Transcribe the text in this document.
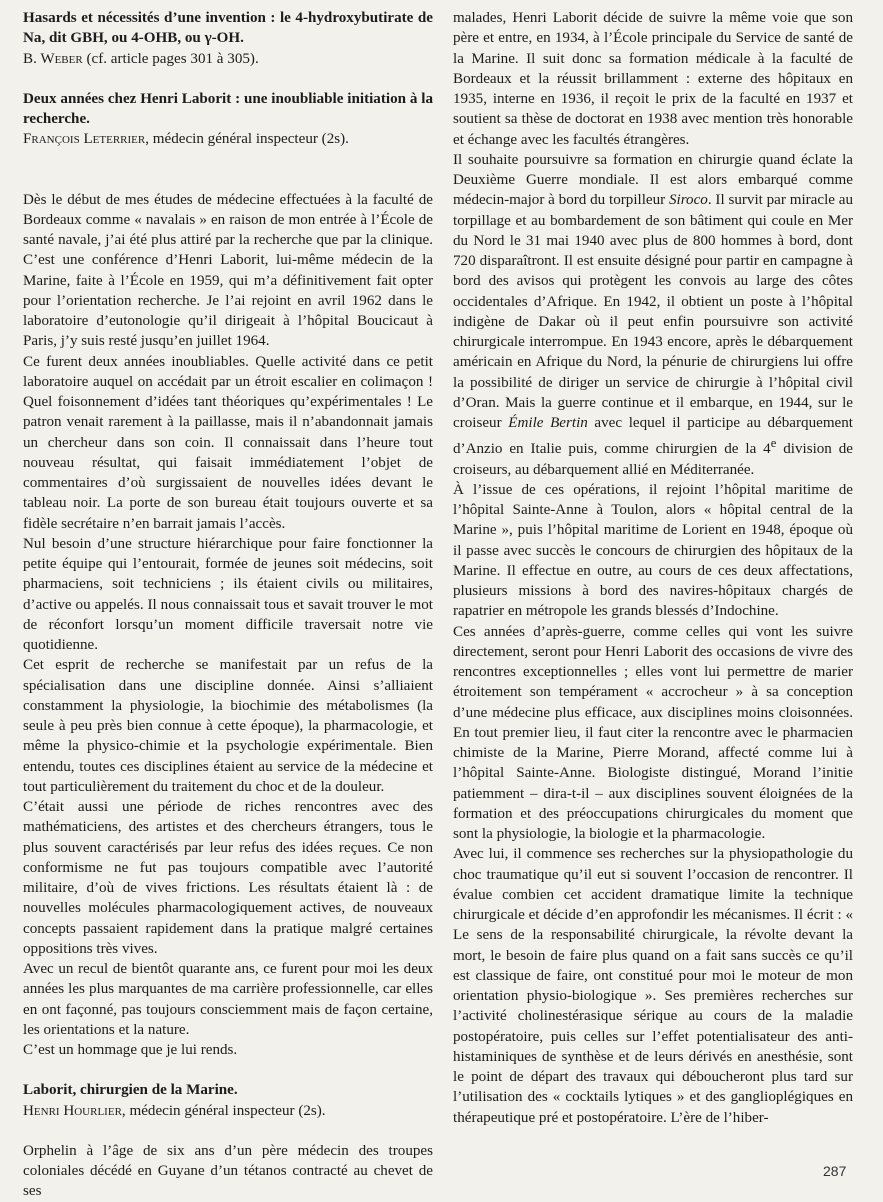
Hasards et nécessités d’une invention : le 4-hydroxybutirate de Na, dit GBH, ou 4-OHB, ou γ-OH.

B. Weber (cf. article pages 301 à 305).

Deux années chez Henri Laborit : une inoubliable initiation à la recherche.

François Leterrier, médecin général inspecteur (2s).

Dès le début de mes études de médecine effectuées à la faculté de Bordeaux comme « navalais » en raison de mon entrée à l’École de santé navale, j’ai été plus attiré par la recherche que par la clinique. C’est une conférence d’Henri Laborit, lui-même médecin de la Marine, faite à l’École en 1959, qui m’a définitivement fait opter pour l’orientation recherche. Je l’ai rejoint en avril 1962 dans le laboratoire d’eutonologie qu’il dirigeait à l’hôpital Boucicaut à Paris, j’y suis resté jusqu’en juillet 1964.

Ce furent deux années inoubliables. Quelle activité dans ce petit laboratoire auquel on accédait par un étroit escalier en colimaçon ! Quel foisonnement d’idées tant théoriques qu’expérimentales ! Le patron venait rarement à la paillasse, mais il n’abandonnait jamais un chercheur dans son coin. Il connaissait dans l’heure tout nouveau résultat, qui faisait immédiatement l’objet de commentaires d’où surgissaient de nouvelles idées devant le tableau noir. La porte de son bureau était toujours ouverte et sa fidèle secrétaire n’en barrait jamais l’accès.

Nul besoin d’une structure hiérarchique pour faire fonctionner la petite équipe qui l’entourait, formée de jeunes soit médecins, soit pharmaciens, soit techniciens ; ils étaient civils ou militaires, d’active ou appelés. Il nous connaissait tous et savait trouver le mot de réconfort lorsqu’un moment difficile traversait notre vie quotidienne.

Cet esprit de recherche se manifestait par un refus de la spécialisation dans une discipline donnée. Ainsi s’alliaient constamment la physiologie, la biochimie des métabolismes (la seule à peu près bien connue à cette époque), la pharmacologie, et même la physico-chimie et la psychologie expérimentale. Bien entendu, toutes ces disciplines étaient au service de la médecine et tout particulièrement du traitement du choc et de la douleur.

C’était aussi une période de riches rencontres avec des mathématiciens, des artistes et des chercheurs étrangers, tous le plus souvent caractérisés par leur refus des idées reçues. Ce non conformisme ne fut pas toujours compatible avec l’autorité militaire, d’où de vives frictions. Les résultats étaient là : de nouvelles molécules pharmacologiquement actives, de nouveaux concepts passaient rapidement dans la pratique malgré certaines oppositions très vives.

Avec un recul de bientôt quarante ans, ce furent pour moi les deux années les plus marquantes de ma carrière professionnelle, car elles en ont façonné, pas toujours consciemment mais de façon certaine, les orientations et la nature.

C’est un hommage que je lui rends.

Laborit, chirurgien de la Marine.

Henri Hourlier, médecin général inspecteur (2s).

Orphelin à l’âge de six ans d’un père médecin des troupes coloniales décédé en Guyane d’un tétanos contracté au chevet de ses

malades, Henri Laborit décide de suivre la même voie que son père et entre, en 1934, à l’École principale du Service de santé de la Marine. Il suit donc sa formation médicale à la faculté de Bordeaux et la réussit brillamment : externe des hôpitaux en 1935, interne en 1936, il reçoit le prix de la faculté en 1937 et soutient sa thèse de doctorat en 1938 avec mention très honorable et échange avec les facultés étrangères.

Il souhaite poursuivre sa formation en chirurgie quand éclate la Deuxième Guerre mondiale. Il est alors embarqué comme médecin-major à bord du torpilleur Siroco. Il survit par miracle au torpillage et au bombardement de son bâtiment qui coule en Mer du Nord le 31 mai 1940 avec plus de 800 hommes à bord, dont 720 disparaîtront. Il est ensuite désigné pour partir en campagne à bord des avisos qui protègent les convois au large des côtes occidentales d’Afrique. En 1942, il obtient un poste à l’hôpital indigène de Dakar où il peut enfin poursuivre son activité chirurgicale interrompue. En 1943 encore, après le débarquement américain en Afrique du Nord, la pénurie de chirurgiens lui offre la possibilité de diriger un service de chirurgie à l’hôpital civil d’Oran. Mais la guerre continue et il embarque, en 1944, sur le croiseur Émile Bertin avec lequel il participe au débarquement d’Anzio en Italie puis, comme chirurgien de la 4e division de croiseurs, au débarquement allié en Méditerranée.

À l’issue de ces opérations, il rejoint l’hôpital maritime de l’hôpital Sainte-Anne à Toulon, alors « hôpital central de la Marine », puis l’hôpital maritime de Lorient en 1948, époque où il passe avec succès le concours de chirurgien des hôpitaux de la Marine. Il effectue en outre, au cours de ces deux affectations, plusieurs missions à bord des navires-hôpitaux chargés de rapatrier en métropole les grands blessés d’Indochine.

Ces années d’après-guerre, comme celles qui vont les suivre directement, seront pour Henri Laborit des occasions de vivre des rencontres exceptionnelles ; elles vont lui permettre de marier étroitement son tempérament « accrocheur » à sa conception d’une médecine plus efficace, aux disciplines moins cloisonnées. En tout premier lieu, il faut citer la rencontre avec le pharmacien chimiste de la Marine, Pierre Morand, affecté comme lui à l’hôpital Sainte-Anne. Biologiste distingué, Morand l’initie patiemment – dira-t-il – aux disciplines souvent éloignées de la formation et des préoccupations chirurgicales du moment que sont la physiologie, la biologie et la pharmacologie.

Avec lui, il commence ses recherches sur la physiopathologie du choc traumatique qu’il eut si souvent l’occasion de rencontrer. Il évalue combien cet accident dramatique limite la technique chirurgicale et décide d’en approfondir les mécanismes. Il écrit : « Le sens de la responsabilité chirurgicale, la révolte devant la mort, le besoin de faire plus quand on a fait sans succès ce qu’il est classique de faire, ont constitué pour moi le moteur de mon orientation physio-biologique ». Ses premières recherches sur l’activité cholinestérasique sérique au cours de la maladie postopératoire, puis celles sur l’effet potentialisateur des anti-histaminiques de synthèse et de leurs dérivés en anesthésie, sont le point de départ des travaux qui déboucheront plus tard sur l’utilisation des « cocktails lytiques » et des ganglioplégiques en thérapeutique pré et postopératoire. L’ère de l’hiber-

287
